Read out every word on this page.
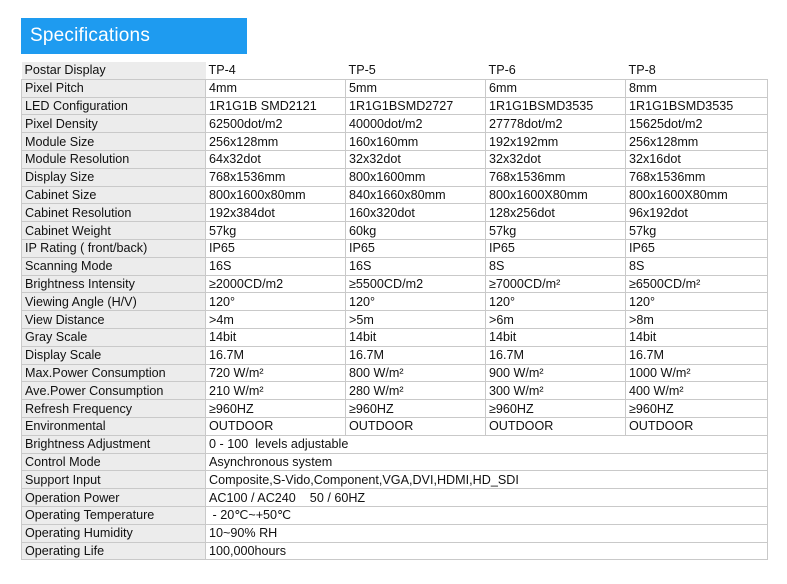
Specifications
Postar Display	TP-4	TP-5	TP-6	TP-8
Pixel Pitch	4mm	5mm	6mm	8mm
LED Configuration	1R1G1B SMD2121	1R1G1BSMD2727	1R1G1BSMD3535	1R1G1BSMD3535
Pixel Density	62500dot/m2	40000dot/m2	27778dot/m2	15625dot/m2
Module Size	256x128mm	160x160mm	192x192mm	256x128mm
Module Resolution	64x32dot	32x32dot	32x32dot	32x16dot
Display Size	768x1536mm	800x1600mm	768x1536mm	768x1536mm
Cabinet Size	800x1600x80mm	840x1660x80mm	800x1600X80mm	800x1600X80mm
Cabinet Resolution	192x384dot	160x320dot	128x256dot	96x192dot
Cabinet Weight	57kg	60kg	57kg	57kg
IP Rating ( front/back)	IP65	IP65	IP65	IP65
Scanning Mode	16S	16S	8S	8S
Brightness Intensity	≥2000CD/m2	≥5500CD/m2	≥7000CD/m²	≥6500CD/m²
Viewing Angle (H/V)	120°	120°	120°	120°
View Distance	>4m	>5m	>6m	>8m
Gray Scale	14bit	14bit	14bit	14bit
Display Scale	16.7M	16.7M	16.7M	16.7M
Max.Power Consumption	720 W/m²	800 W/m²	900 W/m²	1000 W/m²
Ave.Power Consumption	210 W/m²	280 W/m²	300 W/m²	400 W/m²
Refresh Frequency	≥960HZ	≥960HZ	≥960HZ	≥960HZ
Environmental	OUTDOOR	OUTDOOR	OUTDOOR	OUTDOOR
Brightness Adjustment	0 - 100  levels adjustable			
Control Mode	Asynchronous system			
Support Input	Composite,S-Vido,Component,VGA,DVI,HDMI,HD_SDI			
Operation Power	AC100 / AC240    50 / 60HZ			
Operating Temperature	- 20℃~+50℃			
Operating Humidity	10~90% RH			
Operating Life	100,000hours			
